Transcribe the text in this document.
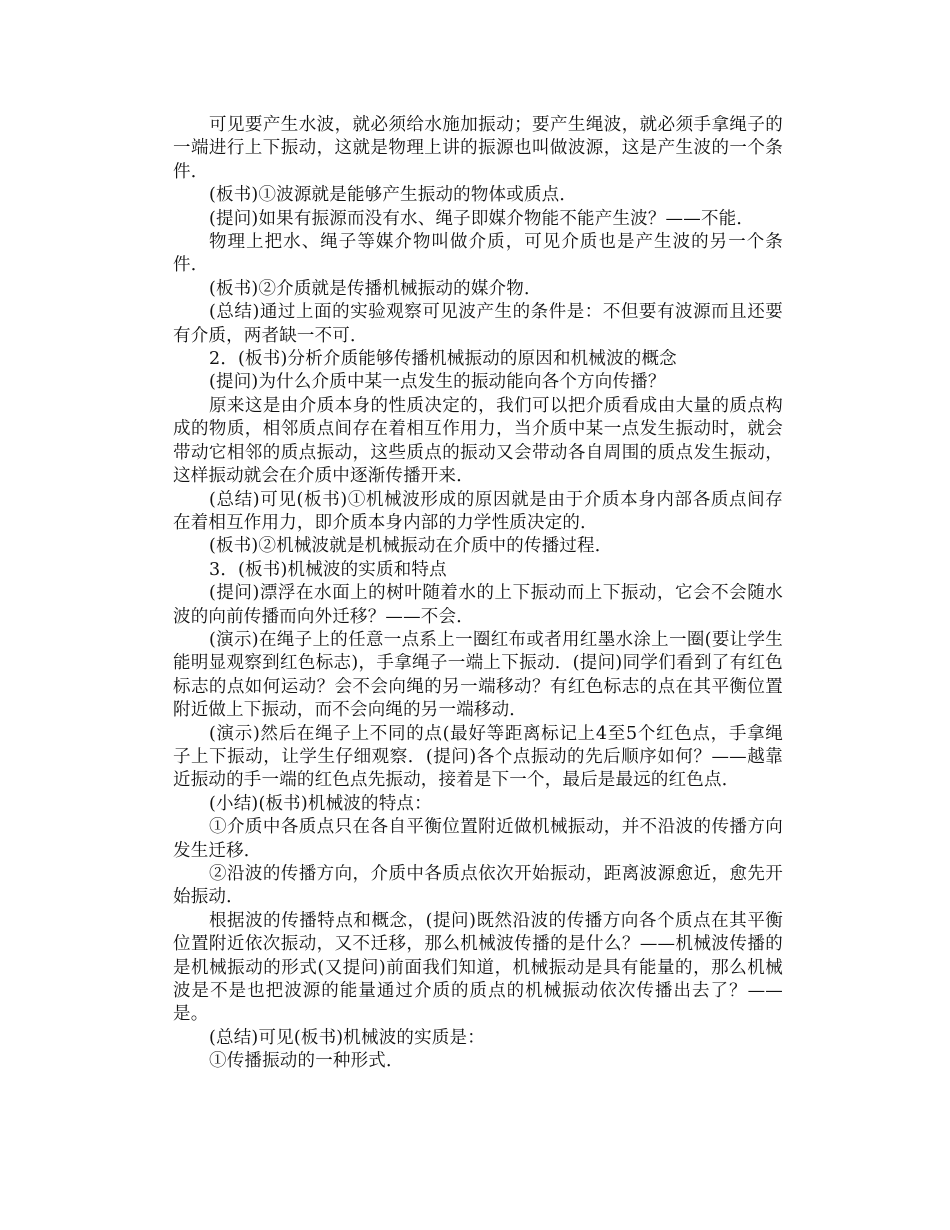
可见要产生水波，就必须给水施加振动；要产生绳波，就必须手拿绳子的一端进行上下振动，这就是物理上讲的振源也叫做波源，这是产生波的一个条件．

(板书)①波源就是能够产生振动的物体或质点．

(提问)如果有振源而没有水、绳子即媒介物能不能产生波？——不能．

物理上把水、绳子等媒介物叫做介质，可见介质也是产生波的另一个条件．

(板书)②介质就是传播机械振动的媒介物．

(总结)通过上面的实验观察可见波产生的条件是：不但要有波源而且还要有介质，两者缺一不可．

2．(板书)分析介质能够传播机械振动的原因和机械波的概念

(提问)为什么介质中某一点发生的振动能向各个方向传播？

原来这是由介质本身的性质决定的，我们可以把介质看成由大量的质点构成的物质，相邻质点间存在着相互作用力，当介质中某一点发生振动时，就会带动它相邻的质点振动，这些质点的振动又会带动各自周围的质点发生振动，这样振动就会在介质中逐渐传播开来．

(总结)可见(板书)①机械波形成的原因就是由于介质本身内部各质点间存在着相互作用力，即介质本身内部的力学性质决定的．

(板书)②机械波就是机械振动在介质中的传播过程．

3．(板书)机械波的实质和特点

(提问)漂浮在水面上的树叶随着水的上下振动而上下振动，它会不会随水波的向前传播而向外迁移？——不会．

(演示)在绳子上的任意一点系上一圈红布或者用红墨水涂上一圈(要让学生能明显观察到红色标志)，手拿绳子一端上下振动．(提问)同学们看到了有红色标志的点如何运动？会不会向绳的另一端移动？有红色标志的点在其平衡位置附近做上下振动，而不会向绳的另一端移动．

(演示)然后在绳子上不同的点(最好等距离标记上4至5个红色点，手拿绳子上下振动，让学生仔细观察．(提问)各个点振动的先后顺序如何？——越靠近振动的手一端的红色点先振动，接着是下一个，最后是最远的红色点．

(小结)(板书)机械波的特点：

①介质中各质点只在各自平衡位置附近做机械振动，并不沿波的传播方向发生迁移．

②沿波的传播方向，介质中各质点依次开始振动，距离波源愈近，愈先开始振动．

根据波的传播特点和概念，(提问)既然沿波的传播方向各个质点在其平衡位置附近依次振动，又不迁移，那么机械波传播的是什么？——机械波传播的是机械振动的形式(又提问)前面我们知道，机械振动是具有能量的，那么机械波是不是也把波源的能量通过介质的质点的机械振动依次传播出去了？——是。

(总结)可见(板书)机械波的实质是：

①传播振动的一种形式．
